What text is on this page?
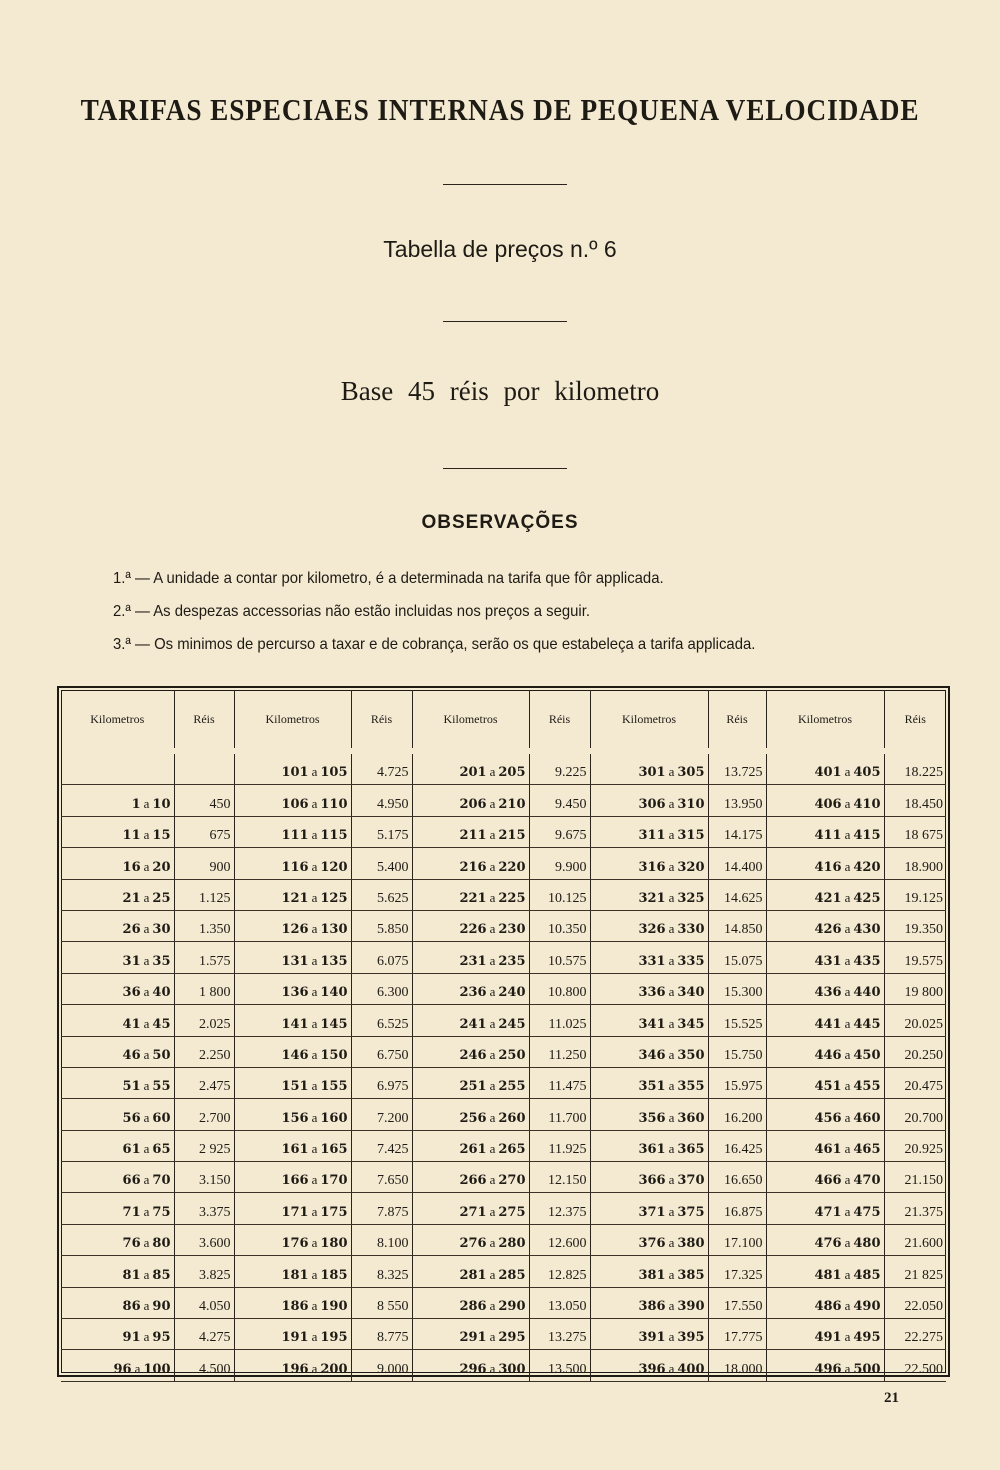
TARIFAS ESPECIAES INTERNAS DE PEQUENA VELOCIDADE
Tabella de preços n.º 6
Base 45 réis por kilometro
OBSERVAÇÕES
1.ª — A unidade a contar por kilometro, é a determinada na tarifa que fôr applicada.
2.ª — As despezas accessorias não estão incluidas nos preços a seguir.
3.ª — Os minimos de percurso a taxar e de cobrança, serão os que estabeleça a tarifa applicada.
Kilometros	Réis	Kilometros	Réis	Kilometros	Réis	Kilometros	Réis	Kilometros	Réis
		101 a 105	4.725	201 a 205	9.225	301 a 305	13.725	401 a 405	18.225
1 a 10	450	106 a 110	4.950	206 a 210	9.450	306 a 310	13.950	406 a 410	18.450
11 a 15	675	111 a 115	5.175	211 a 215	9.675	311 a 315	14.175	411 a 415	18 675
16 a 20	900	116 a 120	5.400	216 a 220	9.900	316 a 320	14.400	416 a 420	18.900
21 a 25	1.125	121 a 125	5.625	221 a 225	10.125	321 a 325	14.625	421 a 425	19.125
26 a 30	1.350	126 a 130	5.850	226 a 230	10.350	326 a 330	14.850	426 a 430	19.350
31 a 35	1.575	131 a 135	6.075	231 a 235	10.575	331 a 335	15.075	431 a 435	19.575
36 a 40	1 800	136 a 140	6.300	236 a 240	10.800	336 a 340	15.300	436 a 440	19 800
41 a 45	2.025	141 a 145	6.525	241 a 245	11.025	341 a 345	15.525	441 a 445	20.025
46 a 50	2.250	146 a 150	6.750	246 a 250	11.250	346 a 350	15.750	446 a 450	20.250
51 a 55	2.475	151 a 155	6.975	251 a 255	11.475	351 a 355	15.975	451 a 455	20.475
56 a 60	2.700	156 a 160	7.200	256 a 260	11.700	356 a 360	16.200	456 a 460	20.700
61 a 65	2 925	161 a 165	7.425	261 a 265	11.925	361 a 365	16.425	461 a 465	20.925
66 a 70	3.150	166 a 170	7.650	266 a 270	12.150	366 a 370	16.650	466 a 470	21.150
71 a 75	3.375	171 a 175	7.875	271 a 275	12.375	371 a 375	16.875	471 a 475	21.375
76 a 80	3.600	176 a 180	8.100	276 a 280	12.600	376 a 380	17.100	476 a 480	21.600
81 a 85	3.825	181 a 185	8.325	281 a 285	12.825	381 a 385	17.325	481 a 485	21 825
86 a 90	4.050	186 a 190	8 550	286 a 290	13.050	386 a 390	17.550	486 a 490	22.050
91 a 95	4.275	191 a 195	8.775	291 a 295	13.275	391 a 395	17.775	491 a 495	22.275
96 a 100	4.500	196 a 200	9.000	296 a 300	13.500	396 a 400	18.000	496 a 500	22.500
21
